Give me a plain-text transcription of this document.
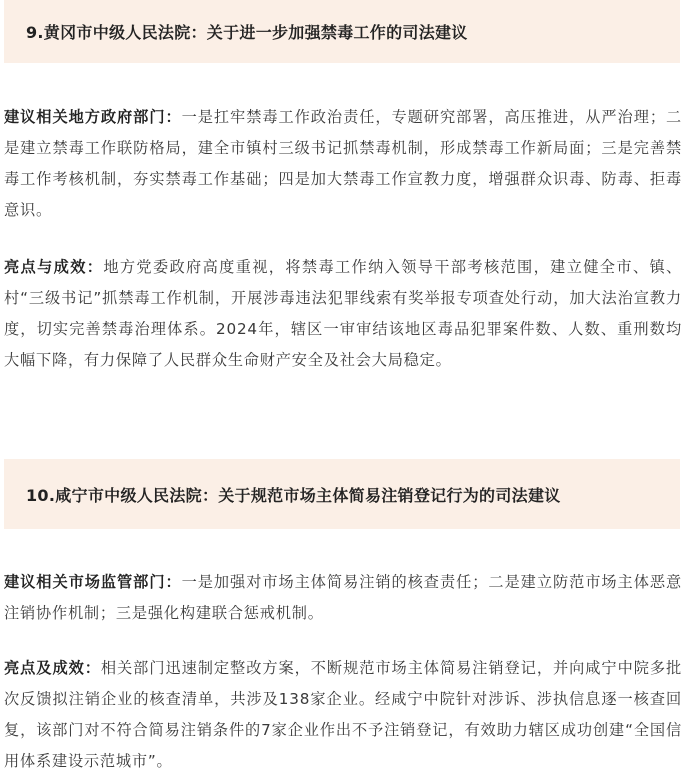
9.黄冈市中级人民法院：关于进一步加强禁毒工作的司法建议

建议相关地方政府部门：一是扛牢禁毒工作政治责任，专题研究部署，高压推进，从严治理；二是建立禁毒工作联防格局，建全市镇村三级书记抓禁毒机制，形成禁毒工作新局面；三是完善禁毒工作考核机制，夯实禁毒工作基础；四是加大禁毒工作宣教力度，增强群众识毒、防毒、拒毒意识。

亮点与成效：地方党委政府高度重视，将禁毒工作纳入领导干部考核范围，建立健全市、镇、村“三级书记”抓禁毒工作机制，开展涉毒违法犯罪线索有奖举报专项查处行动，加大法治宣教力度，切实完善禁毒治理体系。2024年，辖区一审审结该地区毒品犯罪案件数、人数、重刑数均大幅下降，有力保障了人民群众生命财产安全及社会大局稳定。

10.咸宁市中级人民法院：关于规范市场主体简易注销登记行为的司法建议

建议相关市场监管部门：一是加强对市场主体简易注销的核查责任；二是建立防范市场主体恶意注销协作机制；三是强化构建联合惩戒机制。

亮点及成效：相关部门迅速制定整改方案，不断规范市场主体简易注销登记，并向咸宁中院多批次反馈拟注销企业的核查清单，共涉及138家企业。经咸宁中院针对涉诉、涉执信息逐一核查回复，该部门对不符合简易注销条件的7家企业作出不予注销登记，有效助力辖区成功创建“全国信用体系建设示范城市”。
